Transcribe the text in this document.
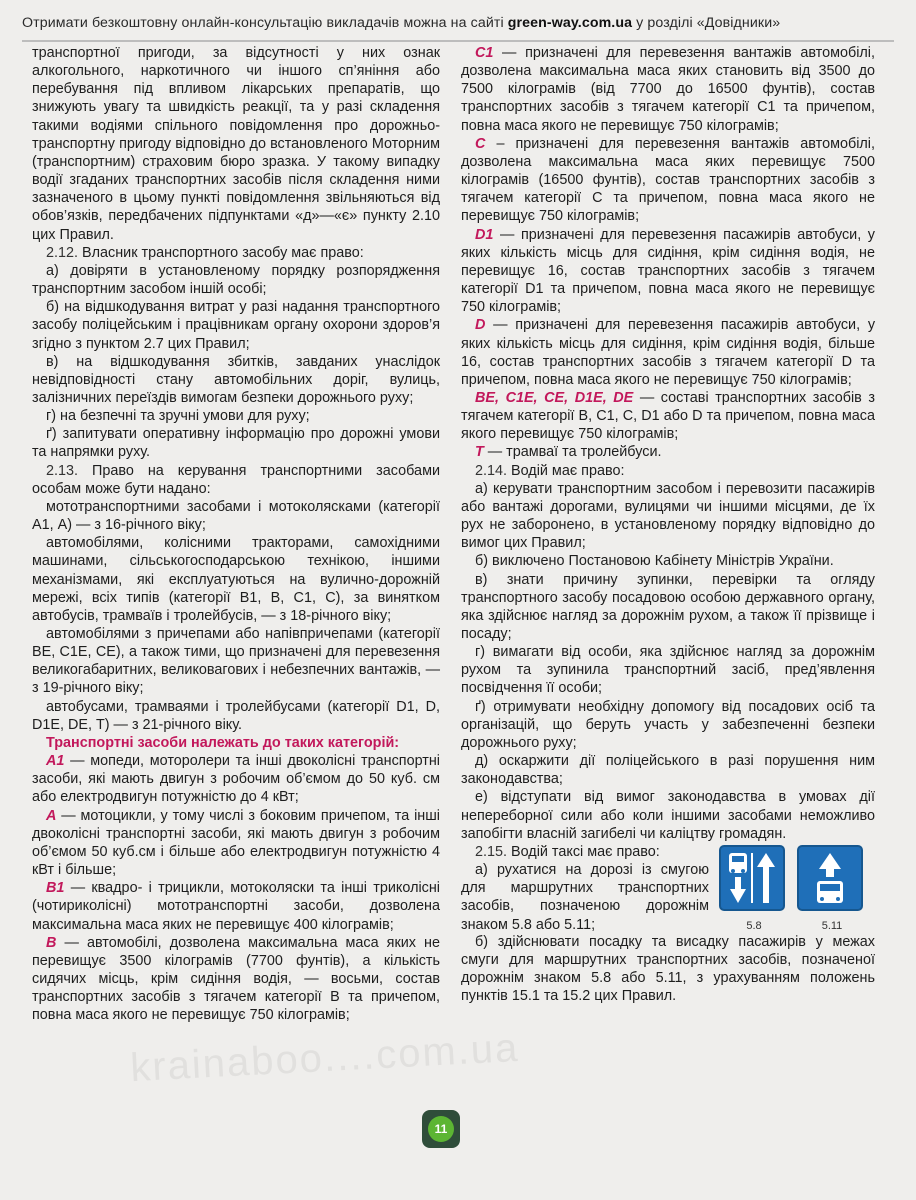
Отримати безкоштовну онлайн-консультацію викладачів можна на сайті green-way.com.ua у розділі «Довідники»
krainaboo....com.ua

транспортної пригоди, за відсутності у них ознак алкогольного, наркотичного чи іншого сп’яніння або перебування під впливом лікарських препаратів, що знижують увагу та швидкість реакції, та у разі складення такими водіями спільного повідомлення про дорожньо-транспортну пригоду відповідно до встановленого Моторним (транспортним) страховим бюро зразка. У такому випадку водії згаданих транспортних засобів після складення ними зазначеного в цьому пункті повідомлення звільняються від обов’язків, передбачених підпунктами «д»—«є» пункту 2.10 цих Правил.

2.12. Власник транспортного засобу має право:

а) довіряти в установленому порядку розпорядження транспортним засобом іншій особі;

б) на відшкодування витрат у разі надання транспортного засобу поліцейським і працівникам органу охорони здоров’я згідно з пунктом 2.7 цих Правил;

в) на відшкодування збитків, завданих унаслідок невідповідності стану автомобільних доріг, вулиць, залізничних переїздів вимогам безпеки дорожнього руху;

г) на безпечні та зручні умови для руху;

ґ) запитувати оперативну інформацію про дорожні умови та напрямки руху.

2.13. Право на керування транспортними засобами особам може бути надано:

мототранспортними засобами і мотоколясками (категорії А1, А) — з 16-річного віку;

автомобілями, колісними тракторами, самохідними машинами, сільськогосподарською технікою, іншими механізмами, які експлуатуються на вулично-дорожній мережі, всіх типів (категорії В1, В, С1, С), за винятком автобусів, трамваїв і тролейбусів, — з 18-річного віку;

автомобілями з причепами або напівпричепами (категорії ВЕ, С1Е, СЕ), а також тими, що призначені для перевезення великогабаритних, великовагових і небезпечних вантажів, — з 19-річного віку;

автобусами, трамваями і тролейбусами (категорії D1, D, D1E, DE, Т) — з 21-річного віку.

Транспортні засоби належать до таких категорій:

А1 — мопеди, моторолери та інші двоколісні транспортні засоби, які мають двигун з робочим об’ємом до 50 куб. см або електродвигун потужністю до 4 кВт;

А — мотоцикли, у тому числі з боковим причепом, та інші двоколісні транспортні засоби, які мають двигун з робочим об’ємом 50 куб.см і більше або електродвигун потужністю 4 кВт і більше;

В1 — квадро- і трицикли, мотоколяски та інші триколісні (чотириколісні) мототранспортні засоби, дозволена максимальна маса яких не перевищує 400 кілограмів;

В — автомобілі, дозволена максимальна маса яких не перевищує 3500 кілограмів (7700 фунтів), а кількість сидячих місць, крім сидіння водія, — восьми, состав транспортних засобів з тягачем категорії В та причепом, повна маса якого не перевищує 750 кілограмів;

С1 — призначені для перевезення вантажів автомобілі, дозволена максимальна маса яких становить від 3500 до 7500 кілограмів (від 7700 до 16500 фунтів), состав транспортних засобів з тягачем категорії С1 та причепом, повна маса якого не перевищує 750 кілограмів;

С – призначені для перевезення вантажів автомобілі, дозволена максимальна маса яких перевищує 7500 кілограмів (16500 фунтів), состав транспортних засобів з тягачем категорії С та причепом, повна маса якого не перевищує 750 кілограмів;

D1 — призначені для перевезення пасажирів автобуси, у яких кількість місць для сидіння, крім сидіння водія, не перевищує 16, состав транспортних засобів з тягачем категорії D1 та причепом, повна маса якого не перевищує 750 кілограмів;

D — призначені для перевезення пасажирів автобуси, у яких кількість місць для сидіння, крім сидіння водія, більше 16, состав транспортних засобів з тягачем категорії D та причепом, повна маса якого не перевищує 750 кілограмів;

ВЕ, С1Е, СЕ, D1E, DE — составі транспортних засобів з тягачем категорії В, С1, С, D1 або D та причепом, повна маса якого перевищує 750 кілограмів;

Т — трамваї та тролейбуси.

2.14. Водій має право:

а) керувати транспортним засобом і перевозити пасажирів або вантажі дорогами, вулицями чи іншими місцями, де їх рух не заборонено, в установленому порядку відповідно до вимог цих Правил;

б) виключено Постановою Кабінету Міністрів України.

в) знати причину зупинки, перевірки та огляду транспортного засобу посадовою особою державного органу, яка здійснює нагляд за дорожнім рухом, а також її прізвище і посаду;

г) вимагати від особи, яка здійснює нагляд за дорожнім рухом та зупинила транспортний засіб, пред’явлення посвідчення її особи;

ґ) отримувати необхідну допомогу від посадових осіб та організацій, що беруть участь у забезпеченні безпеки дорожнього руху;

д) оскаржити дії поліцейського в разі порушення ним законодавства;

е) відступати від вимог законодавства в умовах дії непереборної сили або коли іншими засобами неможливо запобігти власній загибелі чи каліцтву громадян.

2.15. Водій таксі має право:

а) рухатися на дорозі із смугою для маршрутних транспортних засобів, позначеною дорожнім знаком 5.8 або 5.11;	5.8	5.11

б) здійснювати посадку та висадку пасажирів у межах смуги для маршрутних транспортних засобів, позначеної дорожнім знаком 5.8 або 5.11, з урахуванням положень пунктів 15.1 та 15.2 цих Правил.

11
